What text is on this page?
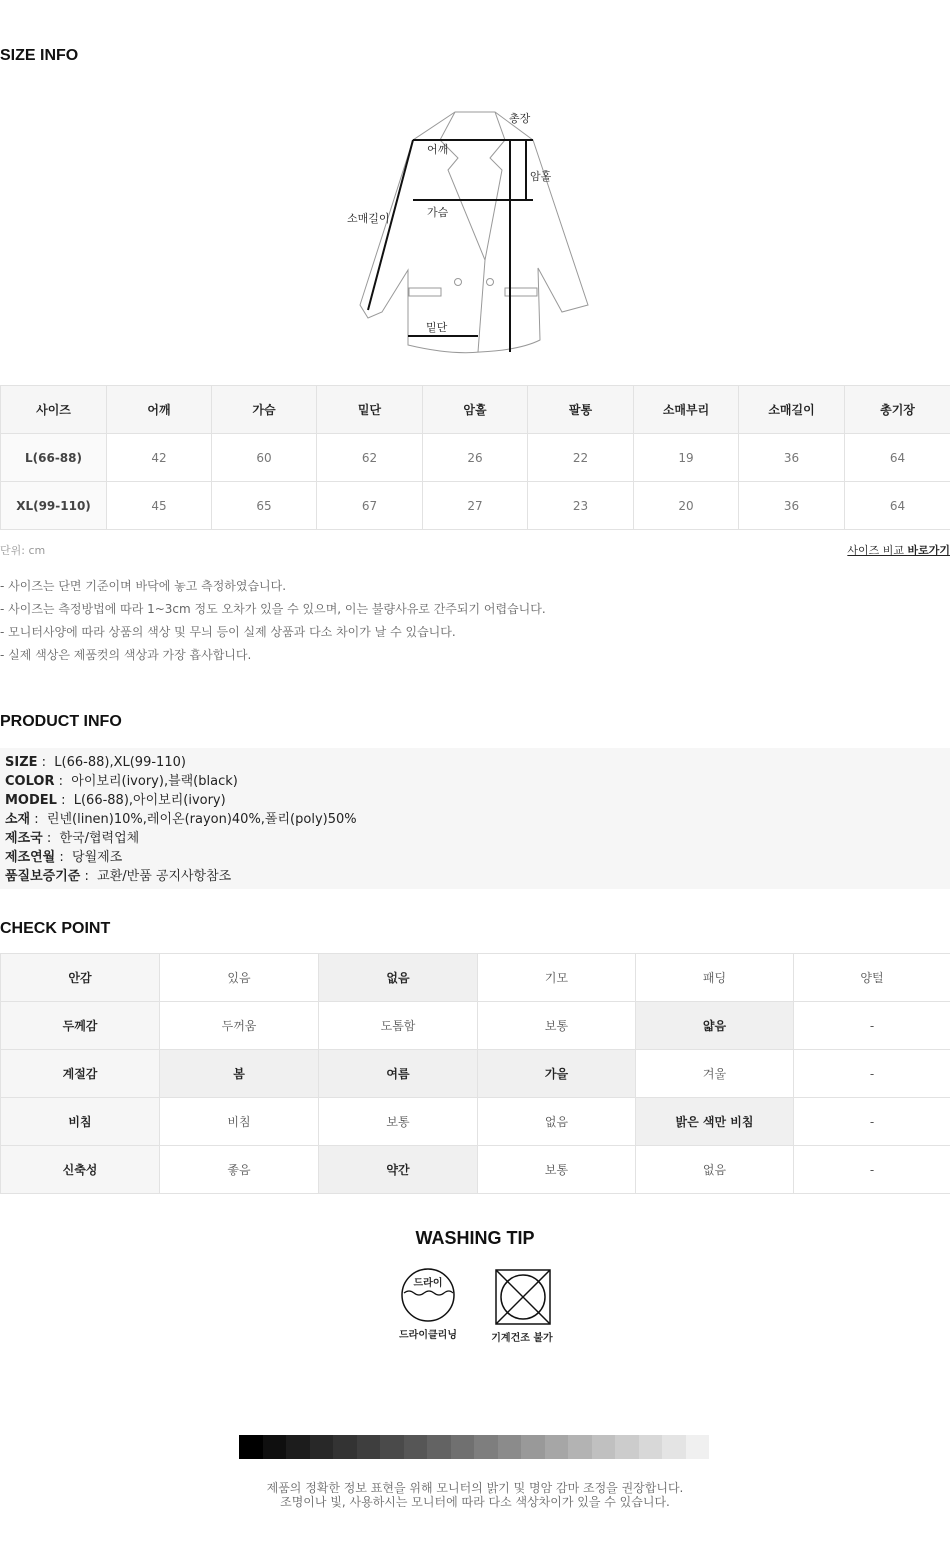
SIZE INFO
총장
어깨
암홀
소매길이	가슴
밑단
사이즈	어깨	가슴	밑단	암홀	팔통	소매부리	소매길이	총기장
L(66-88)	42	60	62	26	22	19	36	64
XL(99-110)	45	65	67	27	23	20	36	64
단위: cm	사이즈 비교 바로가기
- 사이즈는 단면 기준이며 바닥에 놓고 측정하였습니다.
- 사이즈는 측정방법에 따라 1~3cm 정도 오차가 있을 수 있으며, 이는 불량사유로 간주되기 어렵습니다.
- 모니터사양에 따라 상품의 색상 및 무늬 등이 실제 상품과 다소 차이가 날 수 있습니다.
- 실제 색상은 제품컷의 색상과 가장 흡사합니다.
PRODUCT INFO
SIZE :  L(66-88),XL(99-110)
COLOR :  아이보리(ivory),블랙(black)
MODEL :  L(66-88),아이보리(ivory)
소재 :  린넨(linen)10%,레이온(rayon)40%,폴리(poly)50%
제조국 :  한국/협력업체
제조연월 :  당월제조
품질보증기준 :  교환/반품 공지사항참조
CHECK POINT
안감	있음	없음	기모	패딩	양털
두께감	두꺼움	도톰함	보통	얇음	-
계절감	봄	여름	가을	겨울	-
비침	비침	보통	없음	밝은 색만 비침	-
신축성	좋음	약간	보통	없음	-
WASHING TIP
드라이
드라이클리닝	기계건조 불가
제품의 정확한 정보 표현을 위해 모니터의 밝기 및 명암 감마 조정을 권장합니다.
조명이나 빛, 사용하시는 모니터에 따라 다소 색상차이가 있을 수 있습니다.
